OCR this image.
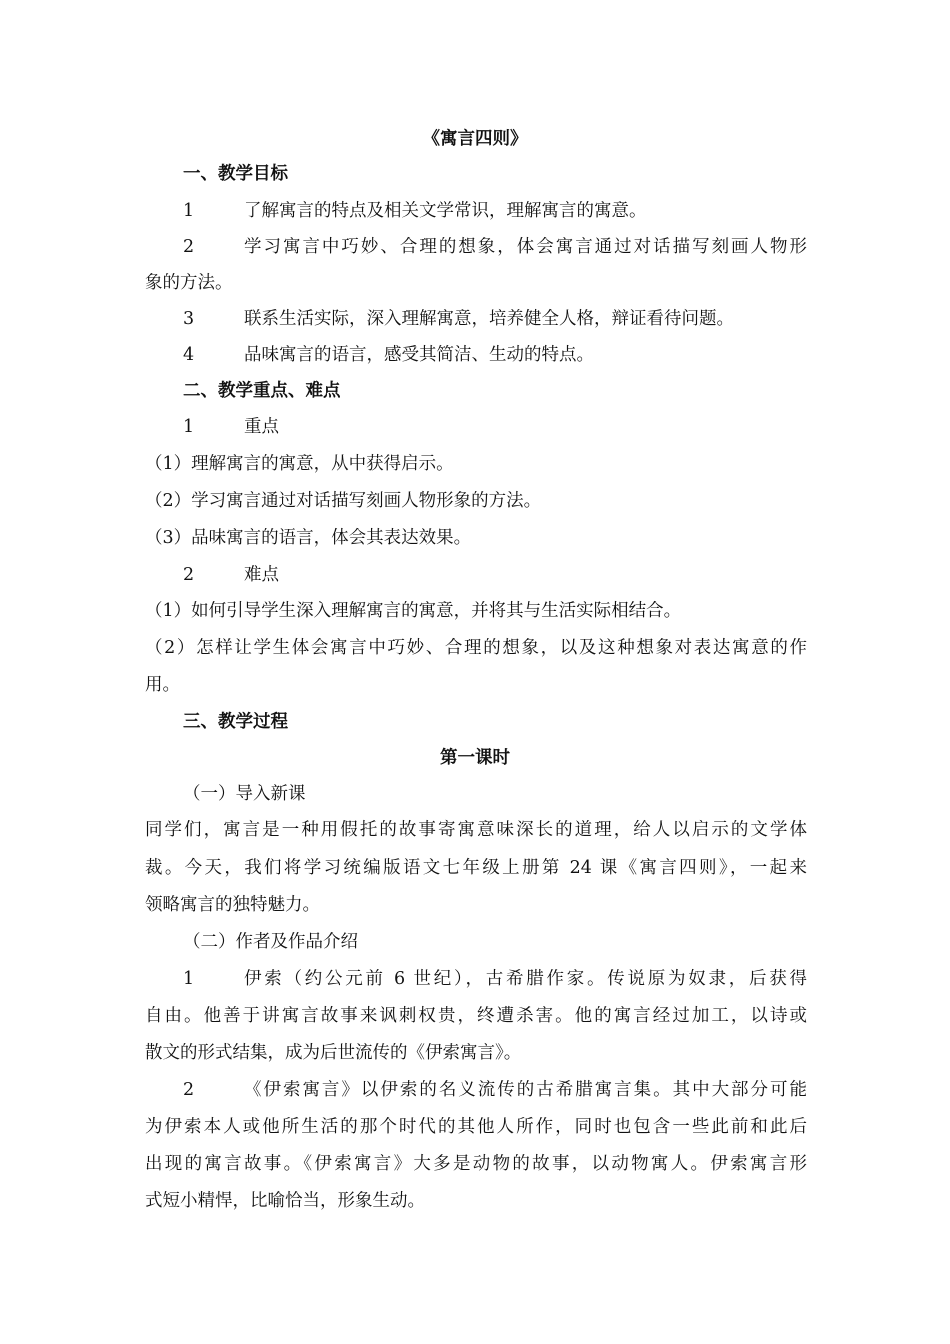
《寓言四则》
一、教学目标
1	了解寓言的特点及相关文学常识，理解寓言的寓意。
2	学习寓言中巧妙、合理的想象，体会寓言通过对话描写刻画人物形
象的方法。
3	联系生活实际，深入理解寓意，培养健全人格，辩证看待问题。
4	品味寓言的语言，感受其简洁、生动的特点。
二、教学重点、难点
1	重点
（1）理解寓言的寓意，从中获得启示。
（2）学习寓言通过对话描写刻画人物形象的方法。
（3）品味寓言的语言，体会其表达效果。
2	难点
（1）如何引导学生深入理解寓言的寓意，并将其与生活实际相结合。
（2）怎样让学生体会寓言中巧妙、合理的想象，以及这种想象对表达寓意的作
用。
三、教学过程
第一课时
（一）导入新课
同学们，寓言是一种用假托的故事寄寓意味深长的道理，给人以启示的文学体
裁。今天，我们将学习统编版语文七年级上册第 24 课《寓言四则》，一起来
领略寓言的独特魅力。
（二）作者及作品介绍
1	伊索（约公元前 6 世纪），古希腊作家。传说原为奴隶，后获得
自由。他善于讲寓言故事来讽刺权贵，终遭杀害。他的寓言经过加工，以诗或
散文的形式结集，成为后世流传的《伊索寓言》。
2	《伊索寓言》以伊索的名义流传的古希腊寓言集。其中大部分可能
为伊索本人或他所生活的那个时代的其他人所作，同时也包含一些此前和此后
出现的寓言故事。《伊索寓言》大多是动物的故事，以动物寓人。伊索寓言形
式短小精悍，比喻恰当，形象生动。
